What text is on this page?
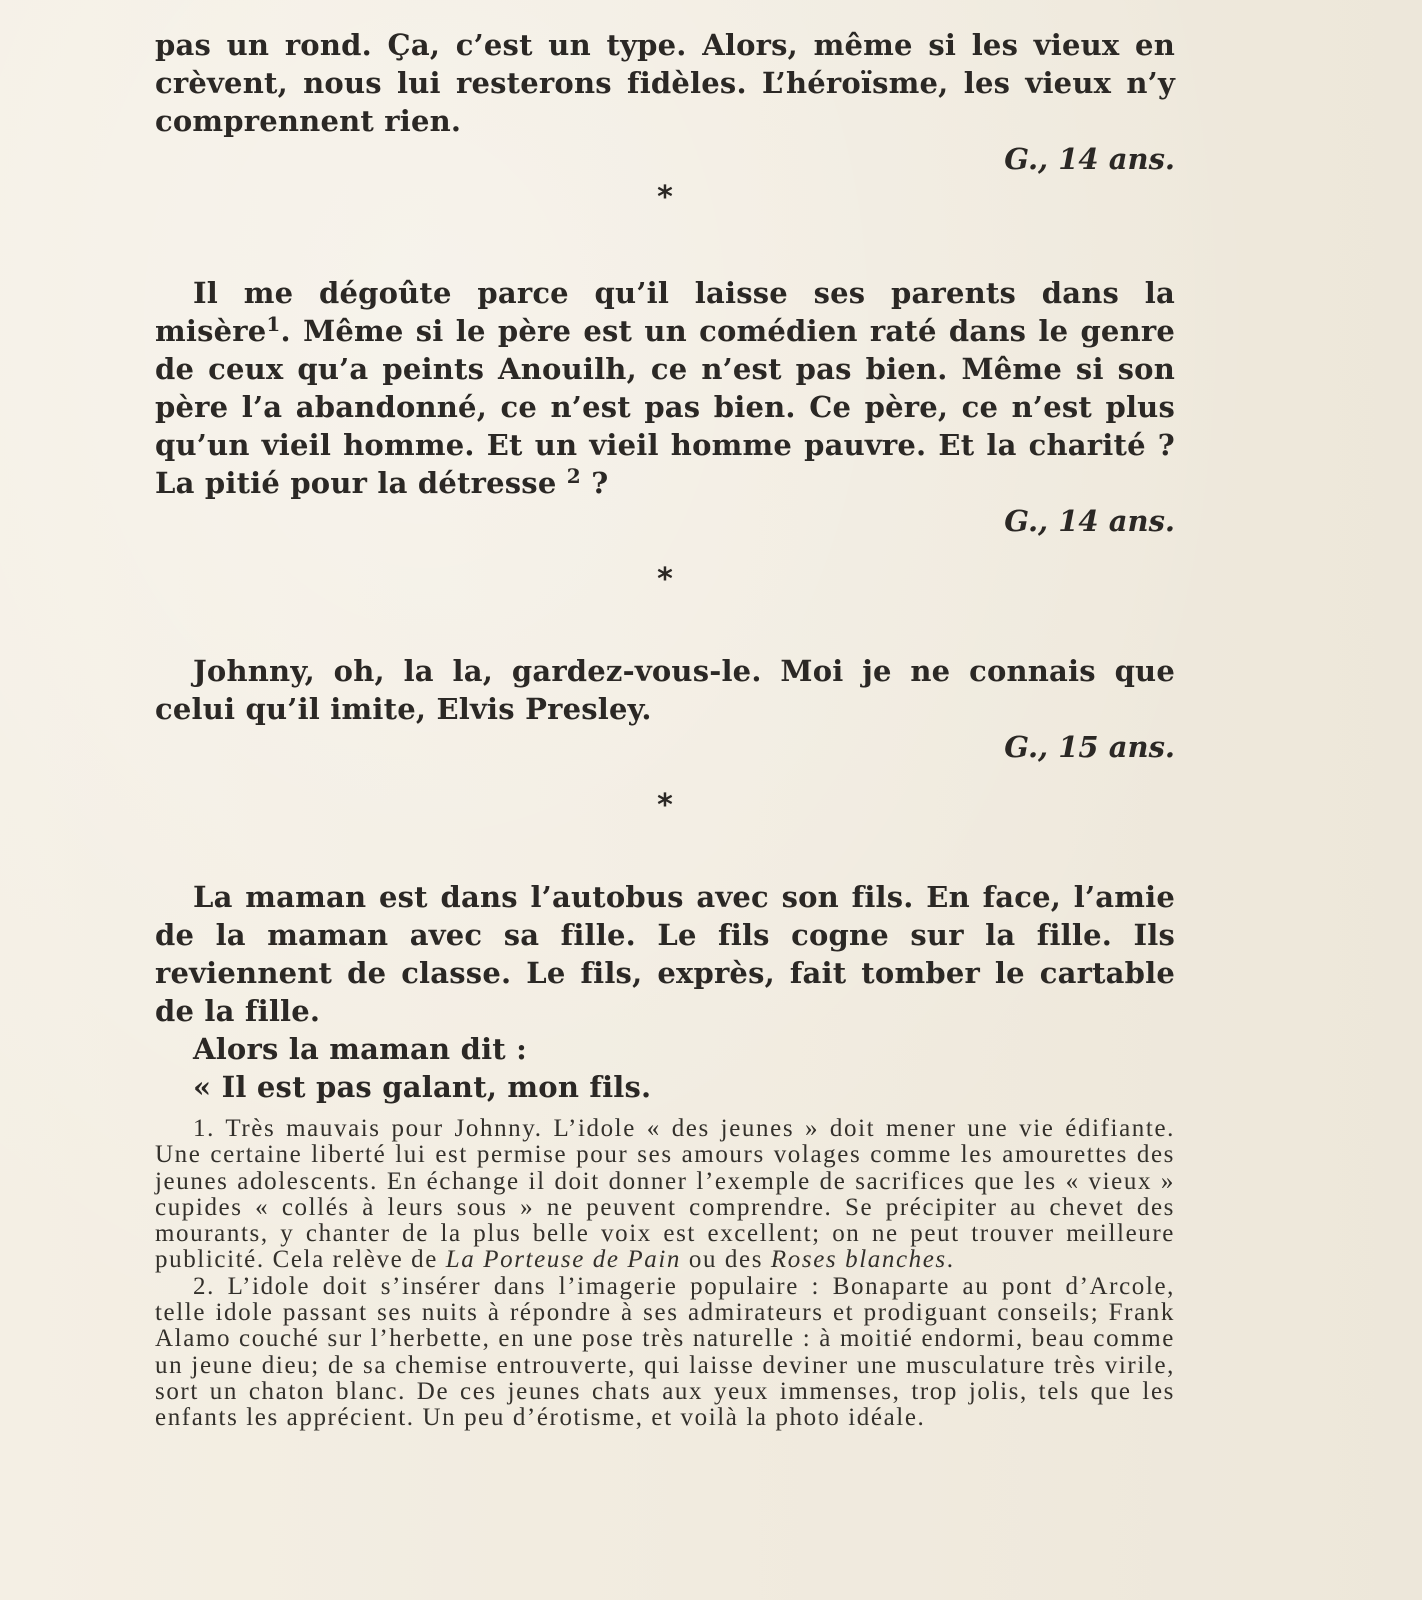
pas un rond. Ça, c’est un type. Alors, même si les vieux en crèvent, nous lui resterons fidèles. L’héroïsme, les vieux n’y comprennent rien.

G., 14 ans.

*

Il me dégoûte parce qu’il laisse ses parents dans la misère$^1$. Même si le père est un comédien raté dans le genre de ceux qu’a peints Anouilh, ce n’est pas bien. Même si son père l’a abandonné, ce n’est pas bien. Ce père, ce n’est plus qu’un vieil homme. Et un vieil homme pauvre. Et la charité ? La pitié pour la détresse $^2$ ?

G., 14 ans.

*

Johnny, oh, la la, gardez-vous-le. Moi je ne connais que celui qu’il imite, Elvis Presley.

G., 15 ans.

*

La maman est dans l’autobus avec son fils. En face, l’amie de la maman avec sa fille. Le fils cogne sur la fille. Ils reviennent de classe. Le fils, exprès, fait tomber le cartable de la fille.

Alors la maman dit :

« Il est pas galant, mon fils.

1. Très mauvais pour Johnny. L’idole « des jeunes » doit mener une vie édifiante. Une certaine liberté lui est permise pour ses amours volages comme les amourettes des jeunes adolescents. En échange il doit donner l’exemple de sacrifices que les « vieux » cupides « collés à leurs sous » ne peuvent comprendre. Se précipiter au chevet des mourants, y chanter de la plus belle voix est excellent; on ne peut trouver meilleure publicité. Cela relève de La Porteuse de Pain ou des Roses blanches.

2. L’idole doit s’insérer dans l’imagerie populaire : Bonaparte au pont d’Arcole, telle idole passant ses nuits à répondre à ses admirateurs et prodiguant conseils; Frank Alamo couché sur l’herbette, en une pose très naturelle : à moitié endormi, beau comme un jeune dieu; de sa chemise entrouverte, qui laisse deviner une musculature très virile, sort un chaton blanc. De ces jeunes chats aux yeux immenses, trop jolis, tels que les enfants les apprécient. Un peu d’érotisme, et voilà la photo idéale.
